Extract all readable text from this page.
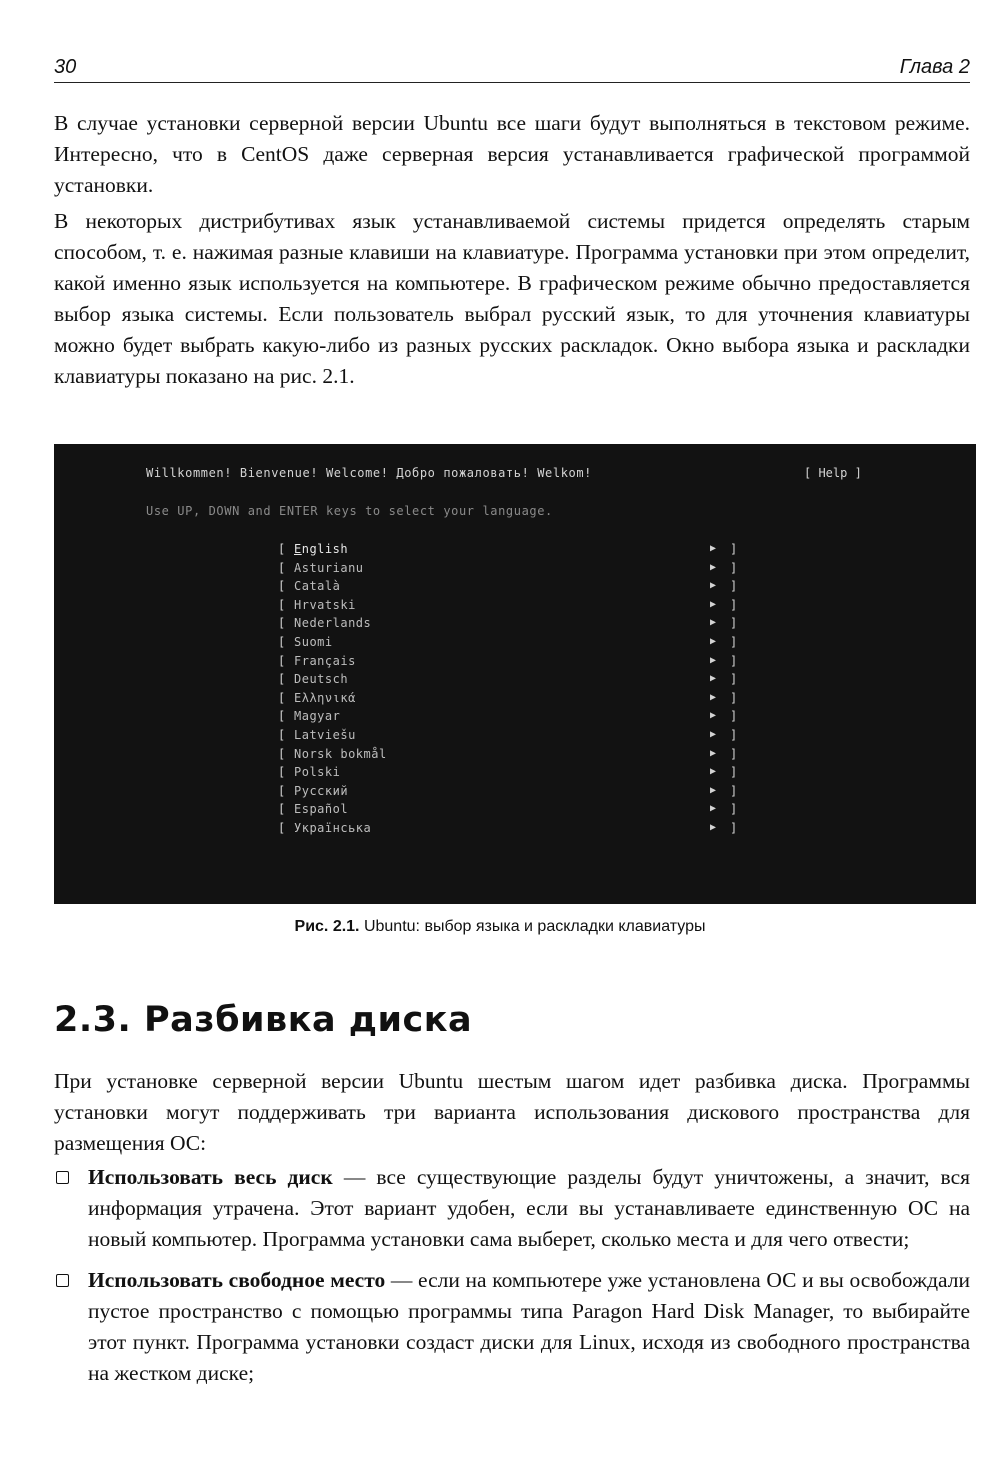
30	Глава 2

В случае установки серверной версии Ubuntu все шаги будут выполняться в текстовом режиме. Интересно, что в CentOS даже серверная версия устанавливается графической программой установки.

В некоторых дистрибутивах язык устанавливаемой системы придется определять старым способом, т. е. нажимая разные клавиши на клавиатуре. Программа установки при этом определит, какой именно язык используется на компьютере. В графическом режиме обычно предоставляется выбор языка системы. Если пользователь выбрал русский язык, то для уточнения клавиатуры можно будет выбрать какую-либо из разных русских раскладок. Окно выбора языка и раскладки клавиатуры показано на рис. 2.1.

Willkommen! Bienvenue! Welcome! Добро пожаловать! Welkom!	[ Help ]
Use UP, DOWN and ENTER keys to select your language.
[ English	▶ ]
[ Asturianu	▶ ]
[ Català	▶ ]
[ Hrvatski	▶ ]
[ Nederlands	▶ ]
[ Suomi	▶ ]
[ Français	▶ ]
[ Deutsch	▶ ]
[ Ελληνικά	▶ ]
[ Magyar	▶ ]
[ Latviešu	▶ ]
[ Norsk bokmål	▶ ]
[ Polski	▶ ]
[ Русский	▶ ]
[ Español	▶ ]
[ Українська	▶ ]
Рис. 2.1. Ubuntu: выбор языка и раскладки клавиатуры
2.3. Разбивка диска

При установке серверной версии Ubuntu шестым шагом идет разбивка диска. Программы установки могут поддерживать три варианта использования дискового пространства для размещения ОС:

Использовать весь диск — все существующие разделы будут уничтожены, а значит, вся информация утрачена. Этот вариант удобен, если вы устанавливаете единственную ОС на новый компьютер. Программа установки сама выберет, сколько места и для чего отвести;
Использовать свободное место — если на компьютере уже установлена ОС и вы освобождали пустое пространство с помощью программы типа Paragon Hard Disk Manager, то выбирайте этот пункт. Программа установки создаст диски для Linux, исходя из свободного пространства на жестком диске;
